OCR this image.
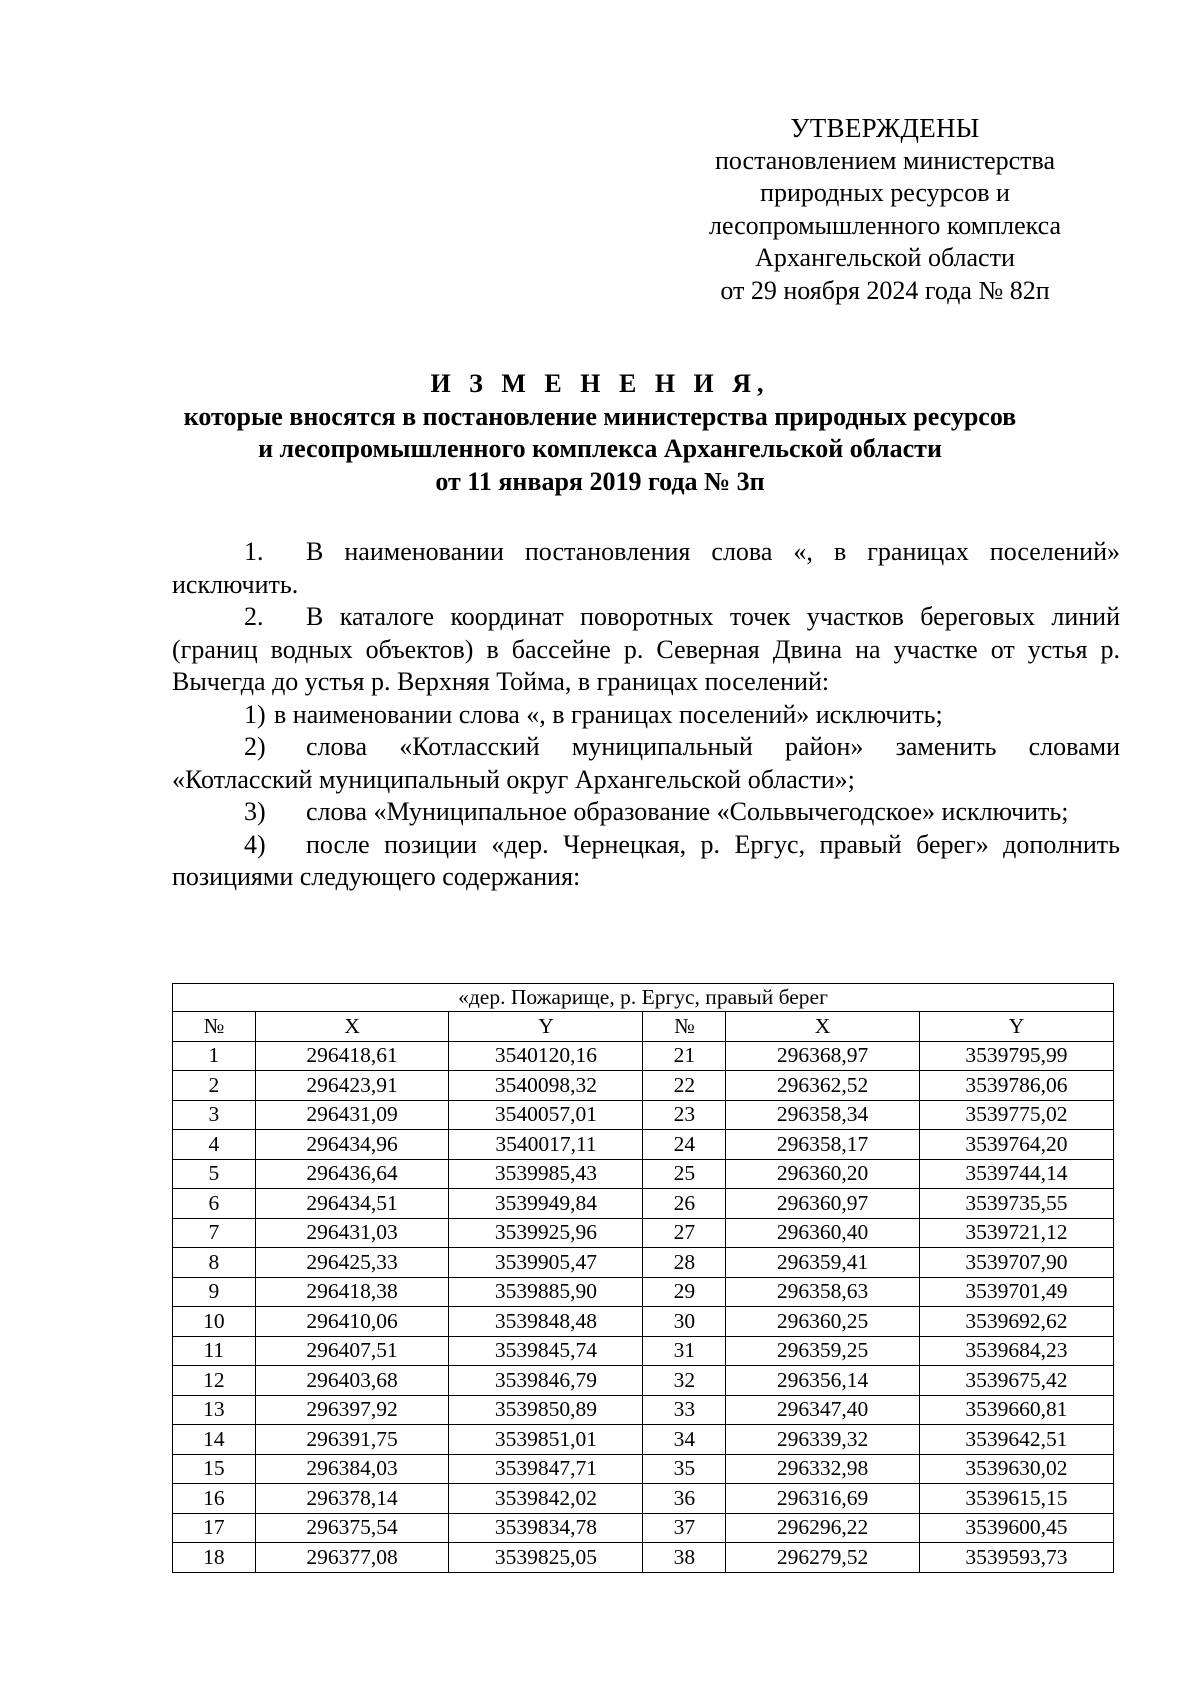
УТВЕРЖДЕНЫ
постановлением министерства
природных ресурсов и
лесопромышленного комплекса
Архангельской области
от 29 ноября 2024 года № 82п
И З М Е Н Е Н И Я,
которые вносятся в постановление министерства природных ресурсов
и лесопромышленного комплекса Архангельской области
от 11 января 2019 года № 3п

1. В наименовании постановления слова «, в границах поселений» исключить.

2. В каталоге координат поворотных точек участков береговых линий (границ водных объектов) в бассейне р. Северная Двина на участке от устья р. Вычегда до устья р. Верхняя Тойма, в границах поселений:

1) в наименовании слова «, в границах поселений» исключить;

2) слова «Котласский муниципальный район» заменить словами «Котласский муниципальный округ Архангельской области»;

3) слова «Муниципальное образование «Сольвычегодское» исключить;

4) после позиции «дер. Чернецкая, р. Ергус, правый берег» дополнить позициями следующего содержания:

«дер. Пожарище, р. Ергус, правый берег					
№	X	Y	№	X	Y
1	296418,61	3540120,16	21	296368,97	3539795,99
2	296423,91	3540098,32	22	296362,52	3539786,06
3	296431,09	3540057,01	23	296358,34	3539775,02
4	296434,96	3540017,11	24	296358,17	3539764,20
5	296436,64	3539985,43	25	296360,20	3539744,14
6	296434,51	3539949,84	26	296360,97	3539735,55
7	296431,03	3539925,96	27	296360,40	3539721,12
8	296425,33	3539905,47	28	296359,41	3539707,90
9	296418,38	3539885,90	29	296358,63	3539701,49
10	296410,06	3539848,48	30	296360,25	3539692,62
11	296407,51	3539845,74	31	296359,25	3539684,23
12	296403,68	3539846,79	32	296356,14	3539675,42
13	296397,92	3539850,89	33	296347,40	3539660,81
14	296391,75	3539851,01	34	296339,32	3539642,51
15	296384,03	3539847,71	35	296332,98	3539630,02
16	296378,14	3539842,02	36	296316,69	3539615,15
17	296375,54	3539834,78	37	296296,22	3539600,45
18	296377,08	3539825,05	38	296279,52	3539593,73
